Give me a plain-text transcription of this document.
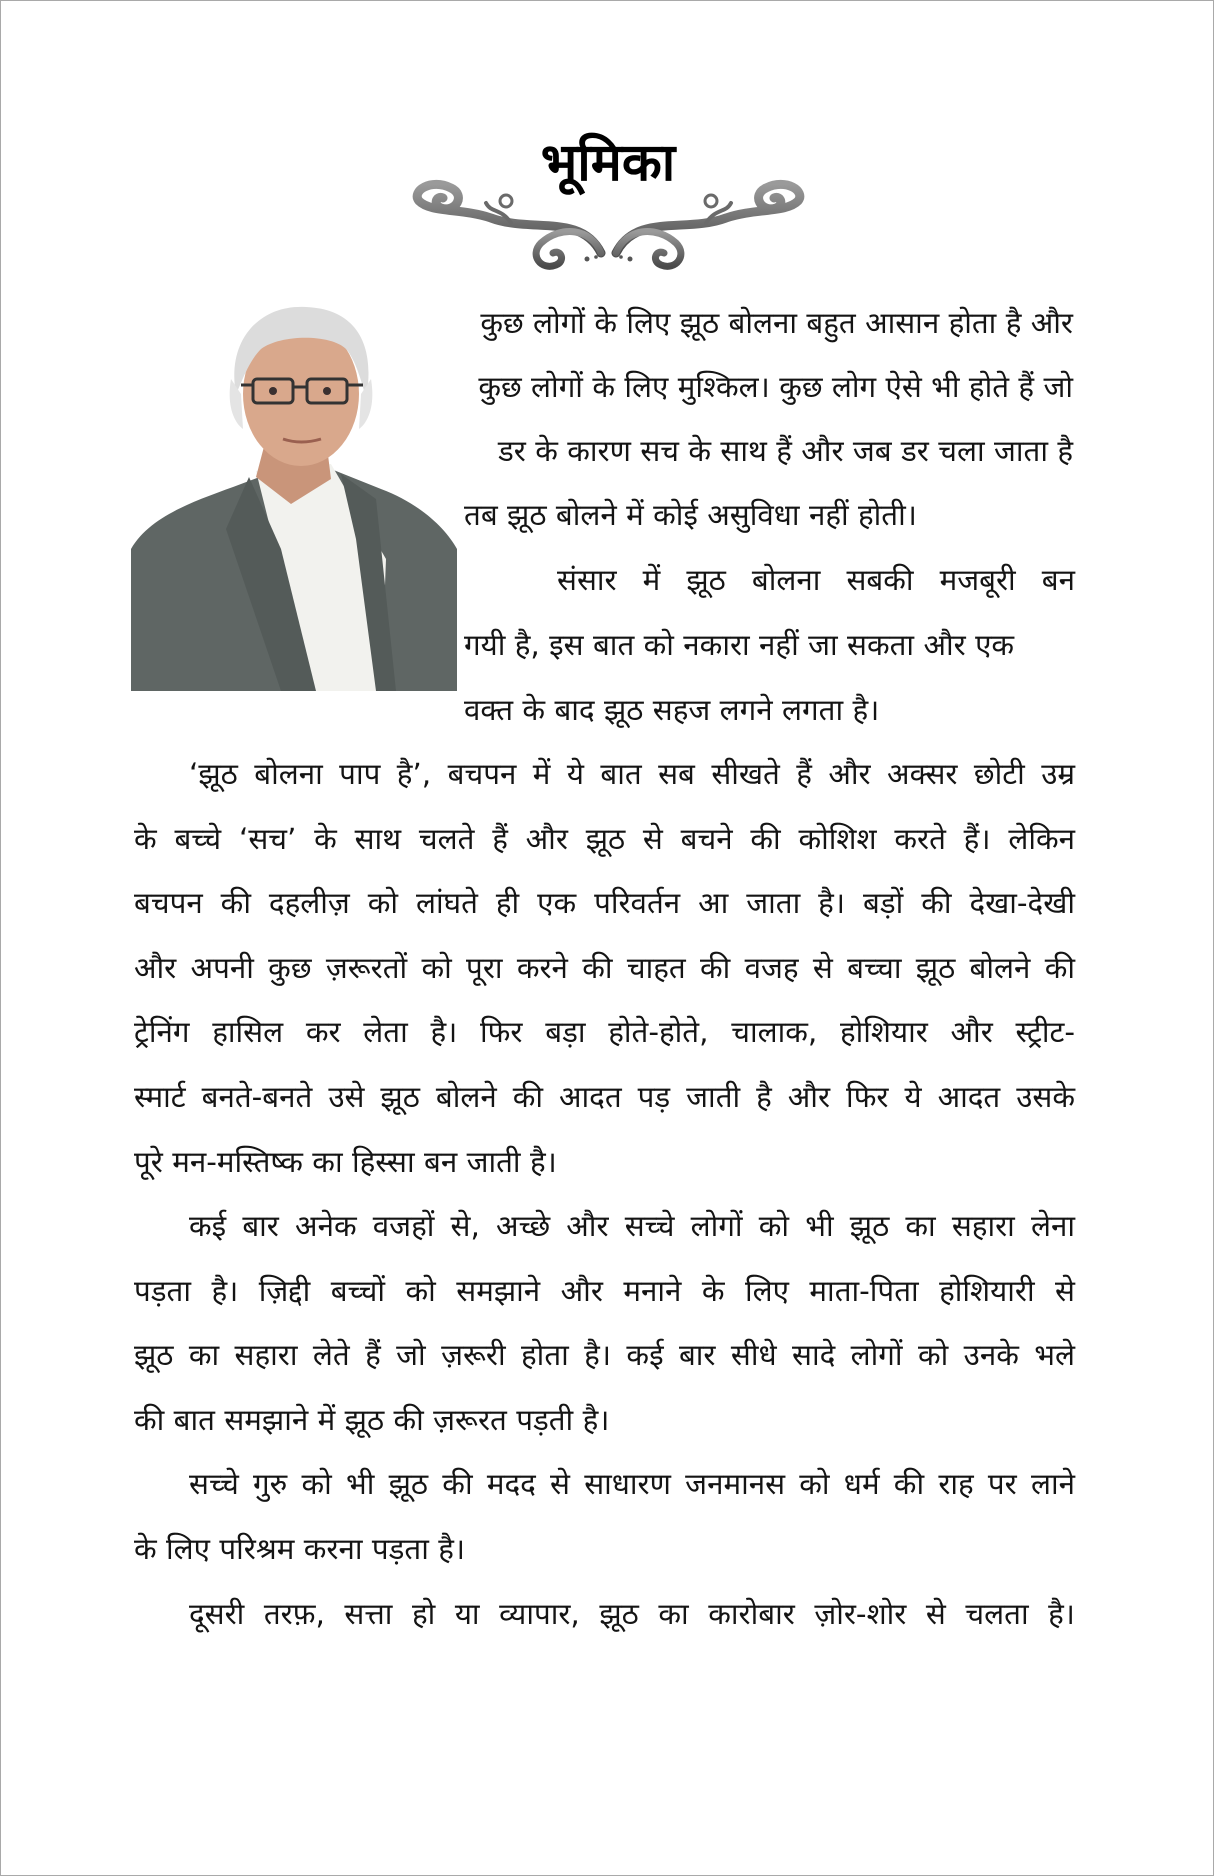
भूमिका
कुछ लोगों के लिए झूठ बोलना बहुत आसान होता है और
कुछ लोगों के लिए मुश्किल। कुछ लोग ऐसे भी होते हैं जो
डर के कारण सच के साथ हैं और जब डर चला जाता है
तब झूठ बोलने में कोई असुविधा नहीं होती।
संसार में झूठ बोलना सबकी मजबूरी बन
गयी है, इस बात को नकारा नहीं जा सकता और एक
वक्त के बाद झूठ सहज लगने लगता है।
‘झूठ बोलना पाप है’, बचपन में ये बात सब सीखते हैं और अक्सर छोटी उम्र
के बच्चे ‘सच’ के साथ चलते हैं और झूठ से बचने की कोशिश करते हैं। लेकिन
बचपन की दहलीज़ को लांघते ही एक परिवर्तन आ जाता है। बड़ों की देखा-देखी
और अपनी कुछ ज़रूरतों को पूरा करने की चाहत की वजह से बच्चा झूठ बोलने की
ट्रेनिंग हासिल कर लेता है। फिर बड़ा होते-होते, चालाक, होशियार और स्ट्रीट-
स्मार्ट बनते-बनते उसे झूठ बोलने की आदत पड़ जाती है और फिर ये आदत उसके
पूरे मन-मस्तिष्क का हिस्सा बन जाती है।
कई बार अनेक वजहों से, अच्छे और सच्चे लोगों को भी झूठ का सहारा लेना
पड़ता है। ज़िद्दी बच्चों को समझाने और मनाने के लिए माता-पिता होशियारी से
झूठ का सहारा लेते हैं जो ज़रूरी होता है। कई बार सीधे सादे लोगों को उनके भले
की बात समझाने में झूठ की ज़रूरत पड़ती है।
सच्चे गुरु को भी झूठ की मदद से साधारण जनमानस को धर्म की राह पर लाने
के लिए परिश्रम करना पड़ता है।
दूसरी तरफ़, सत्ता हो या व्यापार, झूठ का कारोबार ज़ोर-शोर से चलता है।
